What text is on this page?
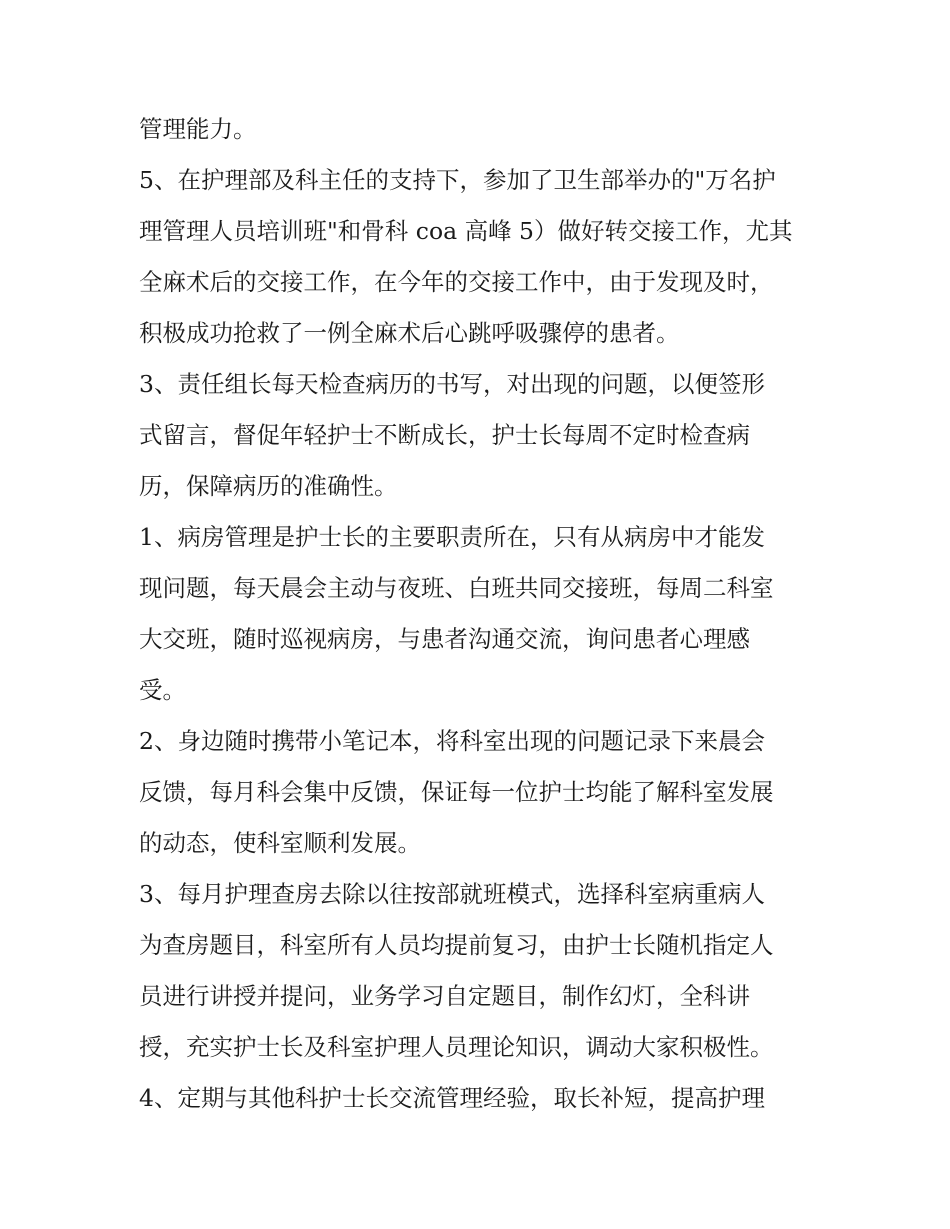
管理能力。
5、在护理部及科主任的支持下，参加了卫生部举办的"万名护
理管理人员培训班"和骨科 coa 高峰 5）做好转交接工作，尤其
全麻术后的交接工作，在今年的交接工作中，由于发现及时，
积极成功抢救了一例全麻术后心跳呼吸骤停的患者。
3、责任组长每天检查病历的书写，对出现的问题，以便签形
式留言，督促年轻护士不断成长，护士长每周不定时检查病
历，保障病历的准确性。
1、病房管理是护士长的主要职责所在，只有从病房中才能发
现问题，每天晨会主动与夜班、白班共同交接班，每周二科室
大交班，随时巡视病房，与患者沟通交流，询问患者心理感
受。
2、身边随时携带小笔记本，将科室出现的问题记录下来晨会
反馈，每月科会集中反馈，保证每一位护士均能了解科室发展
的动态，使科室顺利发展。
3、每月护理查房去除以往按部就班模式，选择科室病重病人
为查房题目，科室所有人员均提前复习，由护士长随机指定人
员进行讲授并提问，业务学习自定题目，制作幻灯，全科讲
授，充实护士长及科室护理人员理论知识，调动大家积极性。
4、定期与其他科护士长交流管理经验，取长补短，提高护理
